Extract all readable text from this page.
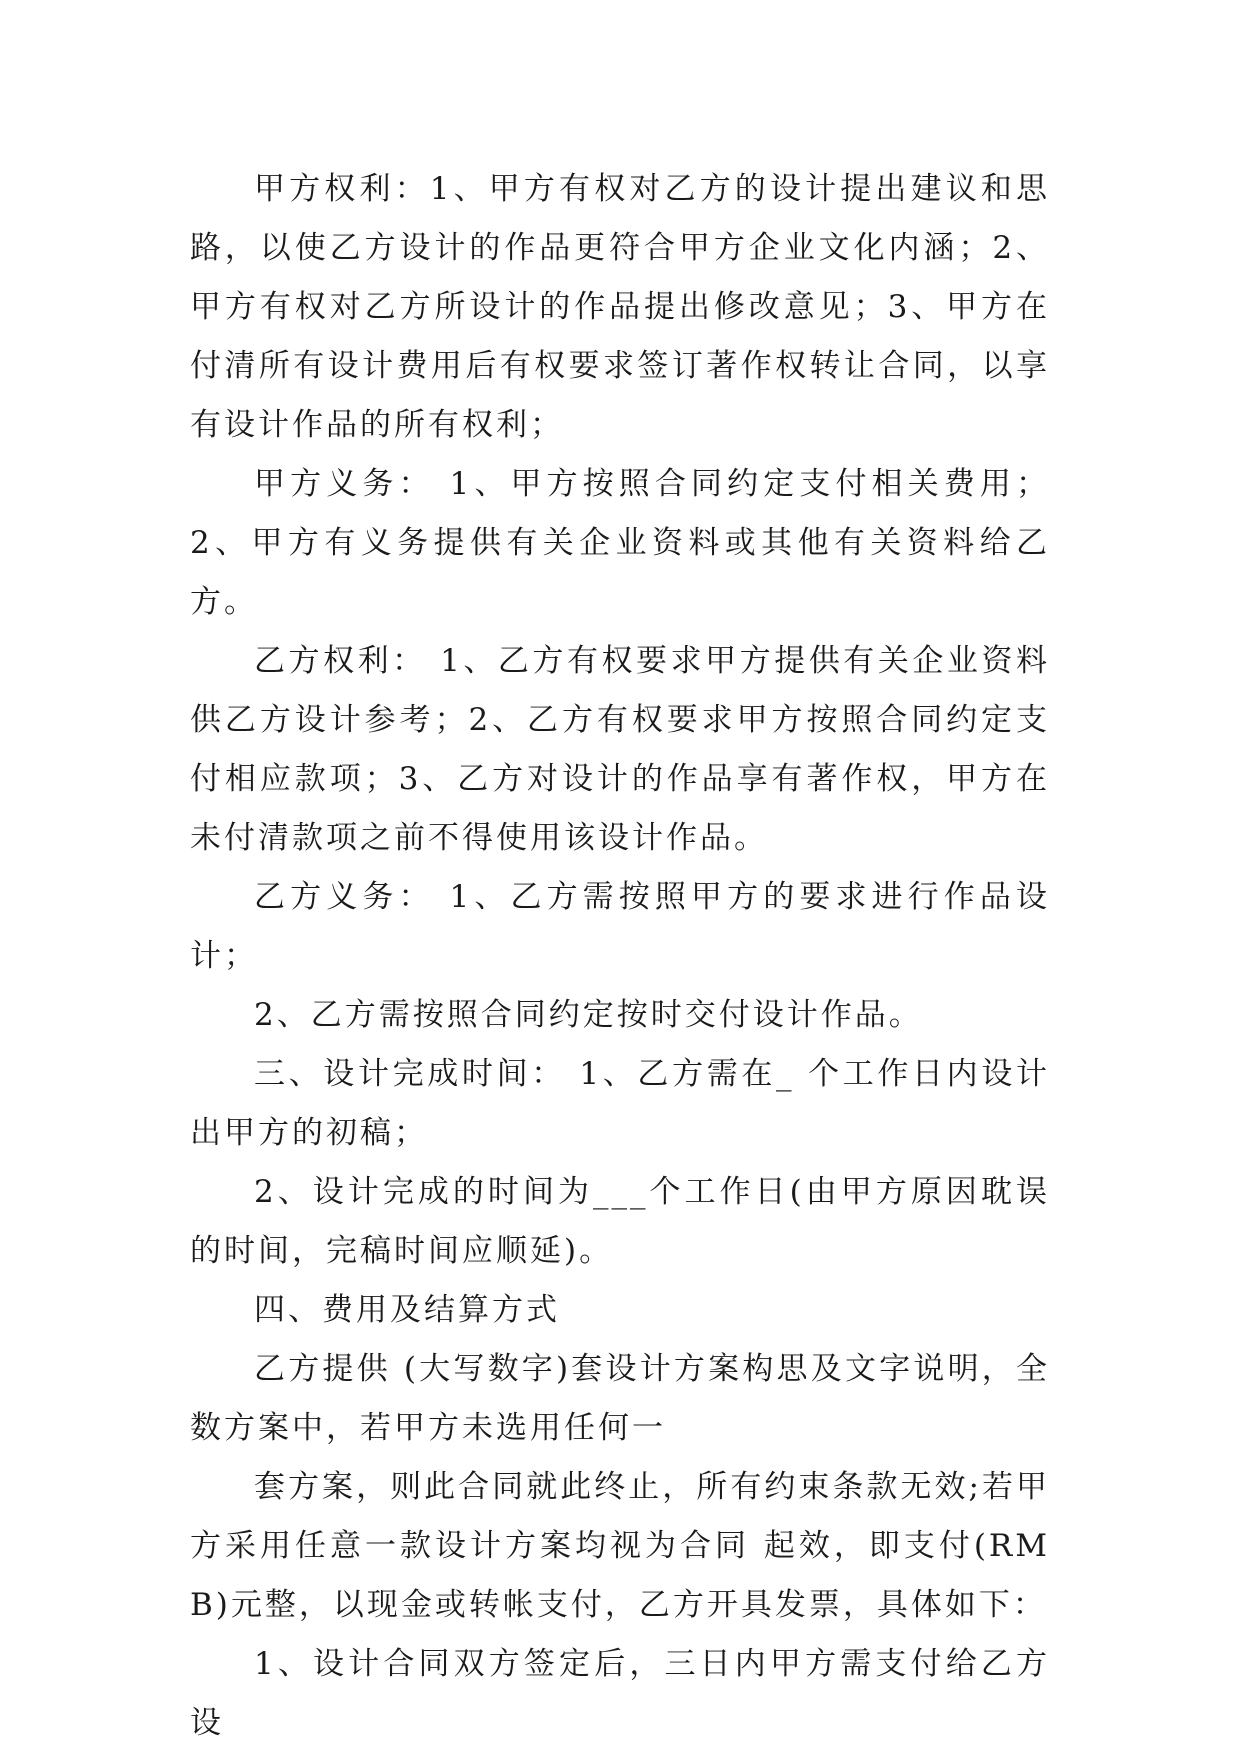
甲方权利：1、甲方有权对乙方的设计提出建议和思路，以使乙方设计的作品更符合甲方企业文化内涵；2、甲方有权对乙方所设计的作品提出修改意见；3、甲方在付清所有设计费用后有权要求签订著作权转让合同，以享有设计作品的所有权利；

甲方义务： 1、甲方按照合同约定支付相关费用；2、甲方有义务提供有关企业资料或其他有关资料给乙方。

乙方权利： 1、乙方有权要求甲方提供有关企业资料供乙方设计参考；2、乙方有权要求甲方按照合同约定支付相应款项；3、乙方对设计的作品享有著作权，甲方在未付清款项之前不得使用该设计作品。

乙方义务： 1、乙方需按照甲方的要求进行作品设计；

2、乙方需按照合同约定按时交付设计作品。

三、设计完成时间： 1、乙方需在_ 个工作日内设计出甲方的初稿；

2、设计完成的时间为___个工作日(由甲方原因耽误的时间，完稿时间应顺延)。

四、费用及结算方式

乙方提供 (大写数字)套设计方案构思及文字说明，全数方案中，若甲方未选用任何一

套方案，则此合同就此终止，所有约束条款无效;若甲方采用任意一款设计方案均视为合同 起效，即支付(RMB)元整，以现金或转帐支付，乙方开具发票，具体如下：

1、设计合同双方签定后，三日内甲方需支付给乙方设
